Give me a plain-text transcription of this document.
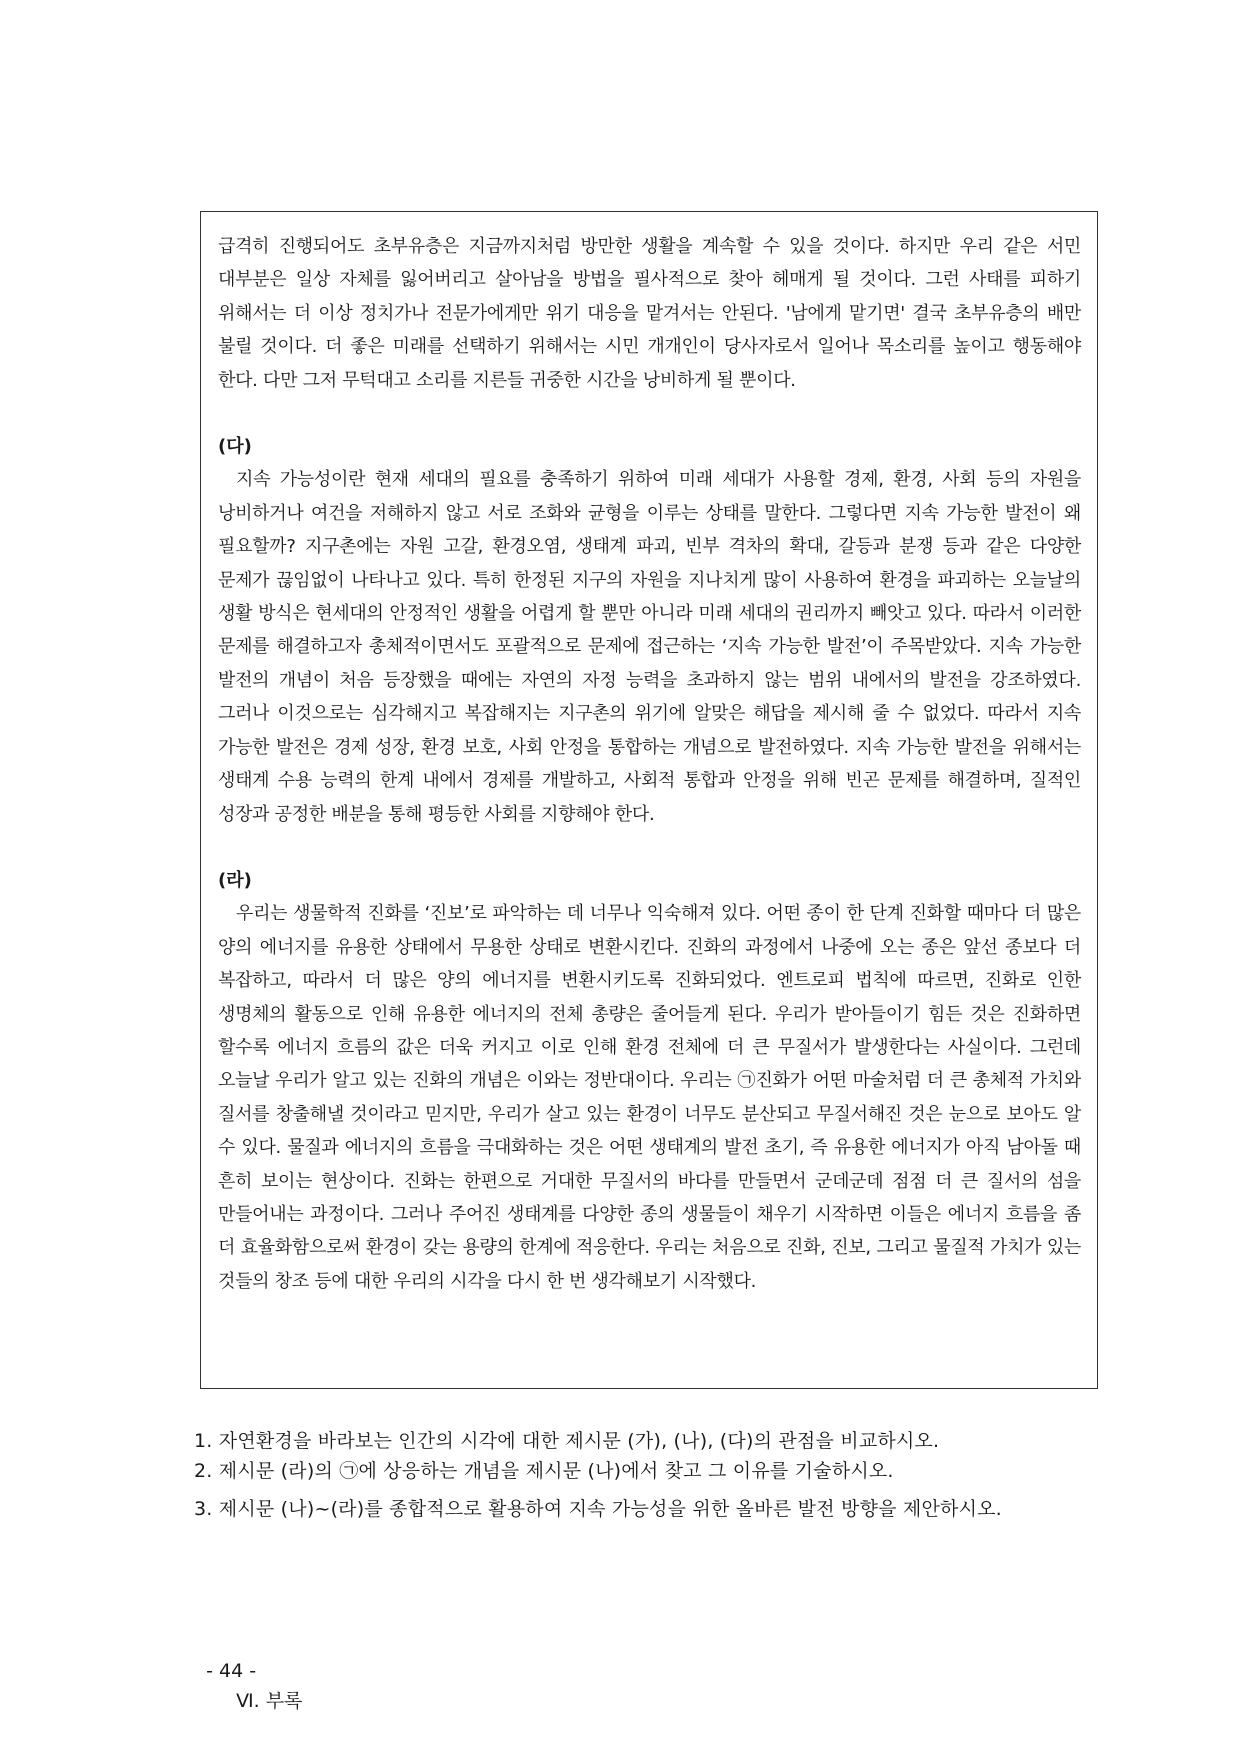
급격히 진행되어도 초부유층은 지금까지처럼 방만한 생활을 계속할 수 있을 것이다. 하지만 우리 같은 서민 대부분은 일상 자체를 잃어버리고 살아남을 방법을 필사적으로 찾아 헤매게 될 것이다. 그런 사태를 피하기 위해서는 더 이상 정치가나 전문가에게만 위기 대응을 맡겨서는 안된다. '남에게 맡기면' 결국 초부유층의 배만 불릴 것이다. 더 좋은 미래를 선택하기 위해서는 시민 개개인이 당사자로서 일어나 목소리를 높이고 행동해야 한다. 다만 그저 무턱대고 소리를 지른들 귀중한 시간을 낭비하게 될 뿐이다.

(다)

지속 가능성이란 현재 세대의 필요를 충족하기 위하여 미래 세대가 사용할 경제, 환경, 사회 등의 자원을 낭비하거나 여건을 저해하지 않고 서로 조화와 균형을 이루는 상태를 말한다. 그렇다면 지속 가능한 발전이 왜 필요할까? 지구촌에는 자원 고갈, 환경오염, 생태계 파괴, 빈부 격차의 확대, 갈등과 분쟁 등과 같은 다양한 문제가 끊임없이 나타나고 있다. 특히 한정된 지구의 자원을 지나치게 많이 사용하여 환경을 파괴하는 오늘날의 생활 방식은 현세대의 안정적인 생활을 어렵게 할 뿐만 아니라 미래 세대의 권리까지 빼앗고 있다. 따라서 이러한 문제를 해결하고자 총체적이면서도 포괄적으로 문제에 접근하는 ‘지속 가능한 발전’이 주목받았다. 지속 가능한 발전의 개념이 처음 등장했을 때에는 자연의 자정 능력을 초과하지 않는 범위 내에서의 발전을 강조하였다. 그러나 이것으로는 심각해지고 복잡해지는 지구촌의 위기에 알맞은 해답을 제시해 줄 수 없었다. 따라서 지속 가능한 발전은 경제 성장, 환경 보호, 사회 안정을 통합하는 개념으로 발전하였다. 지속 가능한 발전을 위해서는 생태계 수용 능력의 한계 내에서 경제를 개발하고, 사회적 통합과 안정을 위해 빈곤 문제를 해결하며, 질적인 성장과 공정한 배분을 통해 평등한 사회를 지향해야 한다.

(라)

우리는 생물학적 진화를 ‘진보’로 파악하는 데 너무나 익숙해져 있다. 어떤 종이 한 단계 진화할 때마다 더 많은 양의 에너지를 유용한 상태에서 무용한 상태로 변환시킨다. 진화의 과정에서 나중에 오는 종은 앞선 종보다 더 복잡하고, 따라서 더 많은 양의 에너지를 변환시키도록 진화되었다. 엔트로피 법칙에 따르면, 진화로 인한 생명체의 활동으로 인해 유용한 에너지의 전체 총량은 줄어들게 된다. 우리가 받아들이기 힘든 것은 진화하면 할수록 에너지 흐름의 값은 더욱 커지고 이로 인해 환경 전체에 더 큰 무질서가 발생한다는 사실이다. 그런데 오늘날 우리가 알고 있는 진화의 개념은 이와는 정반대이다. 우리는 ㉠진화가 어떤 마술처럼 더 큰 총체적 가치와 질서를 창출해낼 것이라고 믿지만, 우리가 살고 있는 환경이 너무도 분산되고 무질서해진 것은 눈으로 보아도 알 수 있다. 물질과 에너지의 흐름을 극대화하는 것은 어떤 생태계의 발전 초기, 즉 유용한 에너지가 아직 남아돌 때 흔히 보이는 현상이다. 진화는 한편으로 거대한 무질서의 바다를 만들면서 군데군데 점점 더 큰 질서의 섬을 만들어내는 과정이다. 그러나 주어진 생태계를 다양한 종의 생물들이 채우기 시작하면 이들은 에너지 흐름을 좀 더 효율화함으로써 환경이 갖는 용량의 한계에 적응한다. 우리는 처음으로 진화, 진보, 그리고 물질적 가치가 있는 것들의 창조 등에 대한 우리의 시각을 다시 한 번 생각해보기 시작했다.

1. 자연환경을 바라보는 인간의 시각에 대한 제시문 (가), (나), (다)의 관점을 비교하시오.

2. 제시문 (라)의 ㉠에 상응하는 개념을 제시문 (나)에서 찾고 그 이유를 기술하시오.

3. 제시문 (나)~(라)를 종합적으로 활용하여 지속 가능성을 위한 올바른 발전 방향을 제안하시오.

- 44 -
Ⅵ. 부록
